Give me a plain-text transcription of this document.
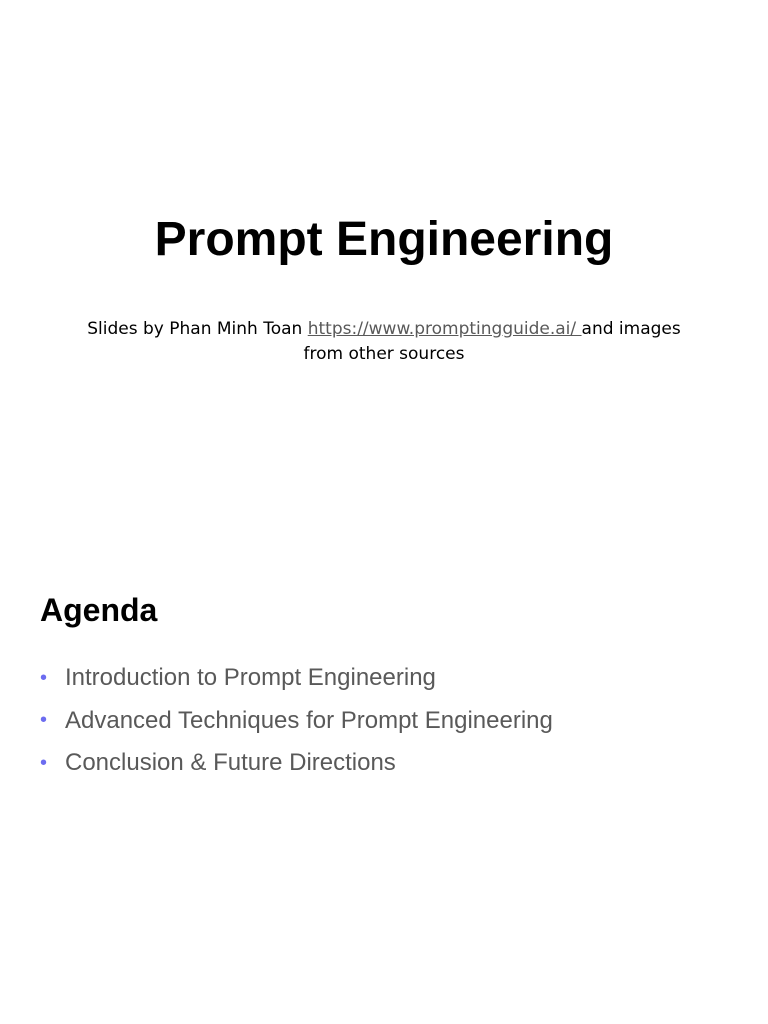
Prompt Engineering

Slides by Phan Minh Toan https://www.promptingguide.ai/ and images from other sources

Agenda
• Introduction to Prompt Engineering
• Advanced Techniques for Prompt Engineering
• Conclusion & Future Directions
